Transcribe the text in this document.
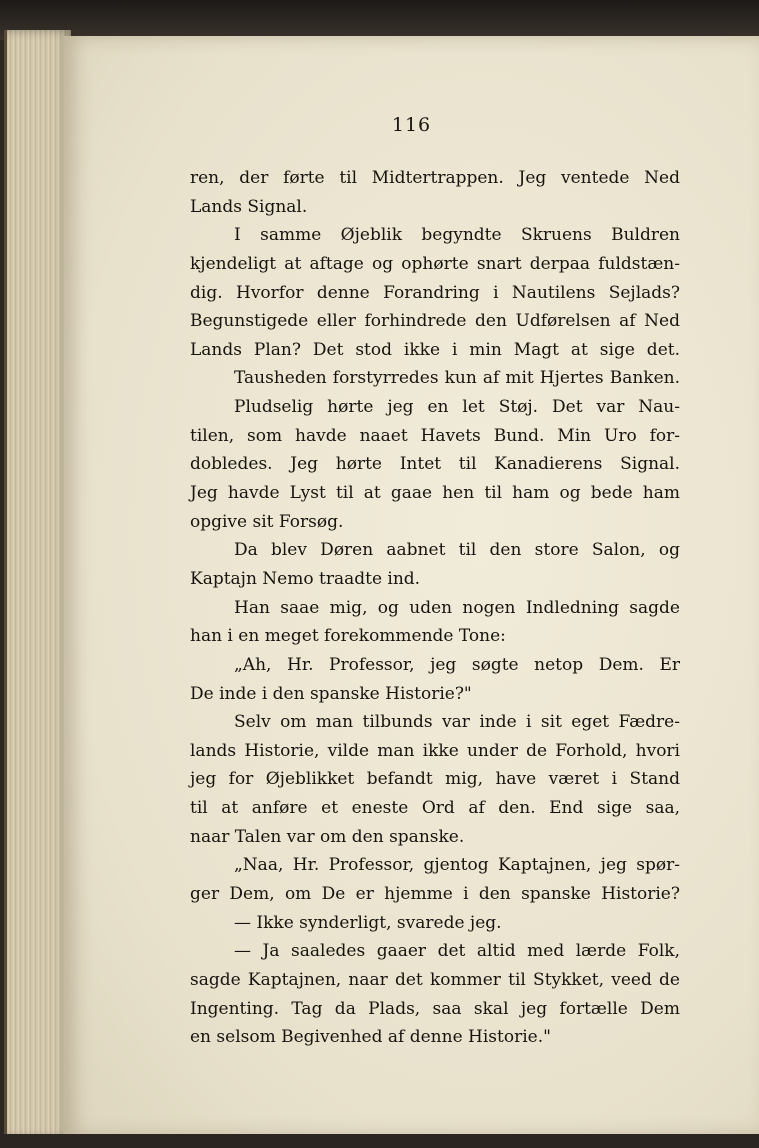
116
ren, der førte til Midtertrappen. Jeg ventede Ned
Lands Signal.
I samme Øjeblik begyndte Skruens Buldren
kjendeligt at aftage og ophørte snart derpaa fuldstæn-
dig. Hvorfor denne Forandring i Nautilens Sejlads?
Begunstigede eller forhindrede den Udførelsen af Ned
Lands Plan? Det stod ikke i min Magt at sige det.
Tausheden forstyrredes kun af mit Hjertes Banken.
Pludselig hørte jeg en let Støj. Det var Nau-
tilen, som havde naaet Havets Bund. Min Uro for-
dobledes. Jeg hørte Intet til Kanadierens Signal.
Jeg havde Lyst til at gaae hen til ham og bede ham
opgive sit Forsøg.
Da blev Døren aabnet til den store Salon, og
Kaptajn Nemo traadte ind.
Han saae mig, og uden nogen Indledning sagde
han i en meget forekommende Tone:
„Ah, Hr. Professor, jeg søgte netop Dem. Er
De inde i den spanske Historie?"
Selv om man tilbunds var inde i sit eget Fædre-
lands Historie, vilde man ikke under de Forhold, hvori
jeg for Øjeblikket befandt mig, have været i Stand
til at anføre et eneste Ord af den. End sige saa,
naar Talen var om den spanske.
„Naa, Hr. Professor, gjentog Kaptajnen, jeg spør-
ger Dem, om De er hjemme i den spanske Historie?
— Ikke synderligt, svarede jeg.
— Ja saaledes gaaer det altid med lærde Folk,
sagde Kaptajnen, naar det kommer til Stykket, veed de
Ingenting. Tag da Plads, saa skal jeg fortælle Dem
en selsom Begivenhed af denne Historie."
